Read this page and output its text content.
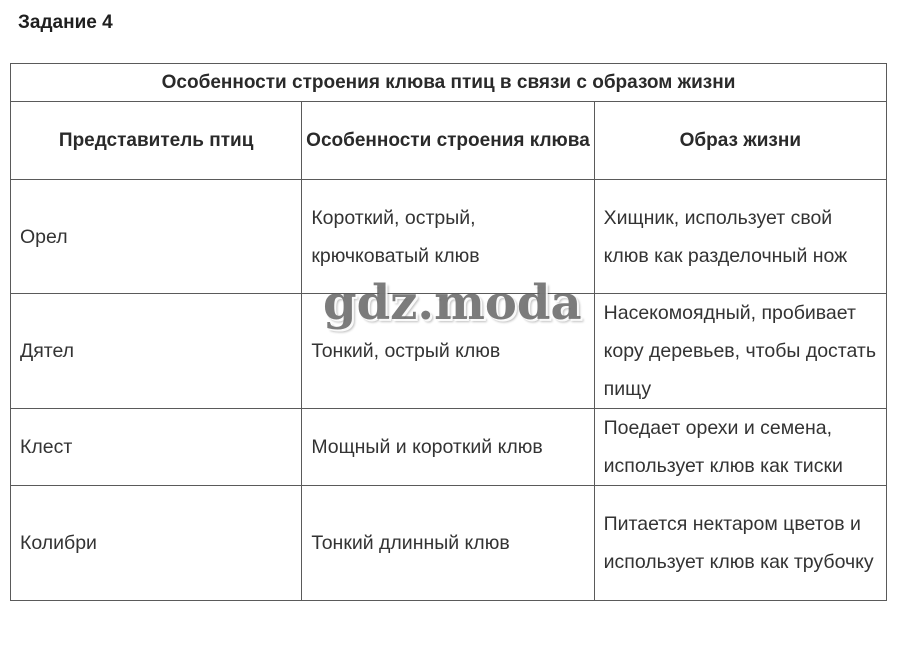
Задание 4
Особенности строения клюва птиц в связи с образом жизни		
Представитель птиц	Особенности строения клюва	Образ жизни
Орел	Короткий, острый, крючковатый клюв	Хищник, использует свой клюв как разделочный нож
Дятел	Тонкий, острый клюв	Насекомоядный, пробивает кору деревьев, чтобы достать пищу
Клест	Мощный и короткий клюв	Поедает орехи и семена, использует клюв как тиски
Колибри	Тонкий длинный клюв	Питается нектаром цветов и использует клюв как трубочку
gdz.moda
